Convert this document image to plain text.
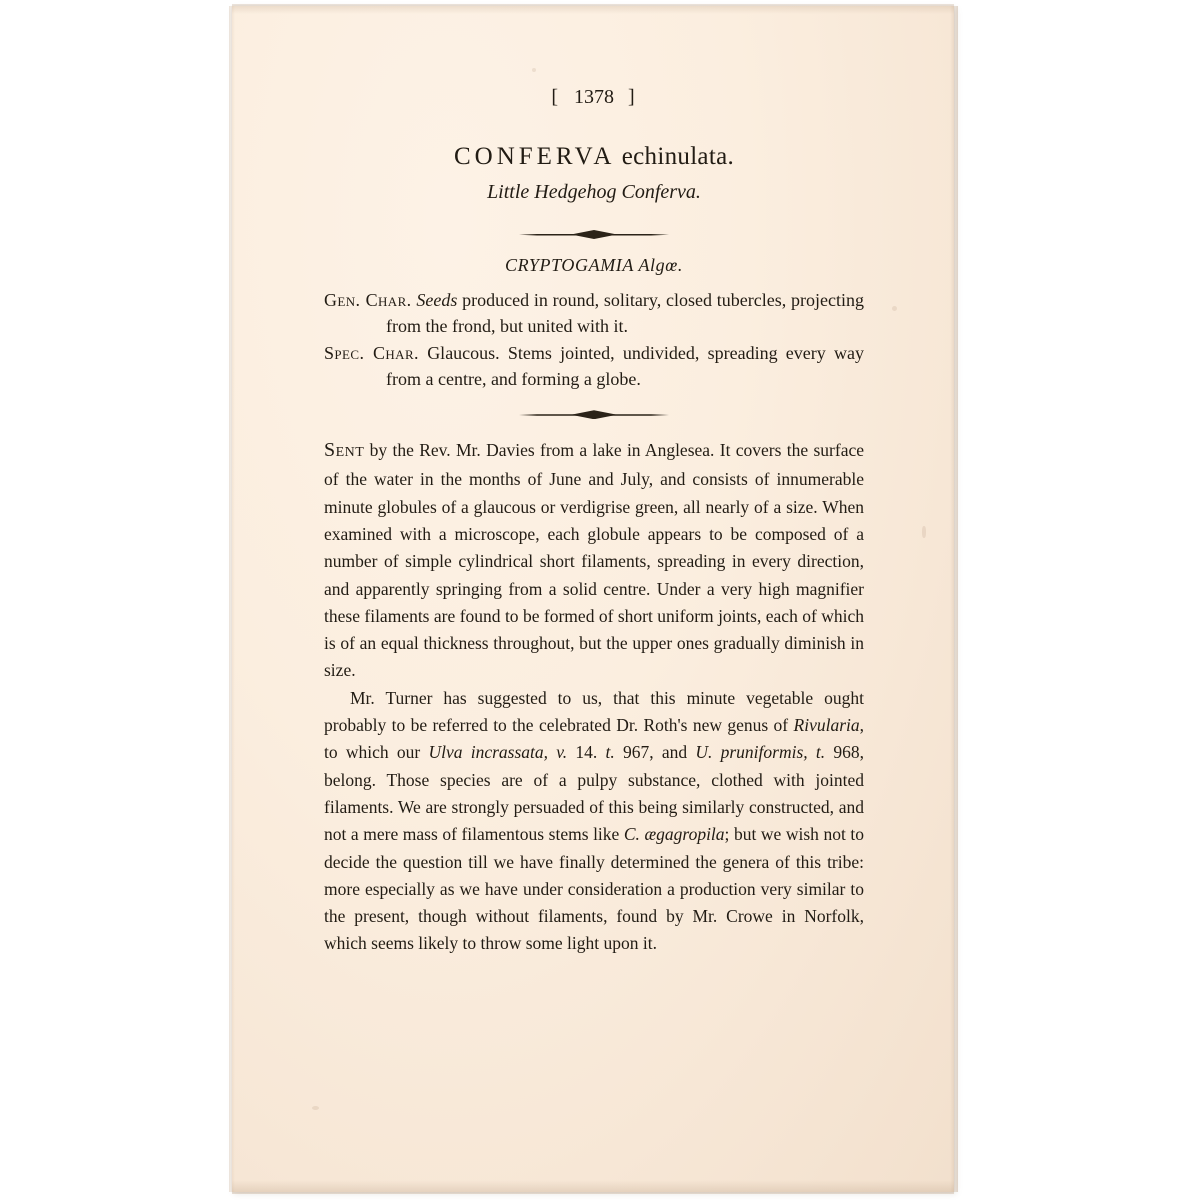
[ 1378 ]
CONFERVA echinulata.
Little Hedgehog Conferva.
CRYPTOGAMIA Algœ.
Gen. Char. Seeds produced in round, solitary, closed tubercles, projecting from the frond, but united with it.
Spec. Char. Glaucous. Stems jointed, undivided, spreading every way from a centre, and forming a globe.

Sent by the Rev. Mr. Davies from a lake in Anglesea. It covers the surface of the water in the months of June and July, and consists of innumerable minute globules of a glaucous or verdigrise green, all nearly of a size. When examined with a microscope, each globule appears to be composed of a number of simple cylindrical short filaments, spreading in every direction, and apparently springing from a solid centre. Under a very high magnifier these filaments are found to be formed of short uniform joints, each of which is of an equal thickness throughout, but the upper ones gradually diminish in size.

Mr. Turner has suggested to us, that this minute vegetable ought probably to be referred to the celebrated Dr. Roth's new genus of Rivularia, to which our Ulva incrassata, v. 14. t. 967, and U. pruniformis, t. 968, belong. Those species are of a pulpy substance, clothed with jointed filaments. We are strongly persuaded of this being similarly constructed, and not a mere mass of filamentous stems like C. ægagropila; but we wish not to decide the question till we have finally determined the genera of this tribe: more especially as we have under consideration a production very similar to the present, though without filaments, found by Mr. Crowe in Norfolk, which seems likely to throw some light upon it.
